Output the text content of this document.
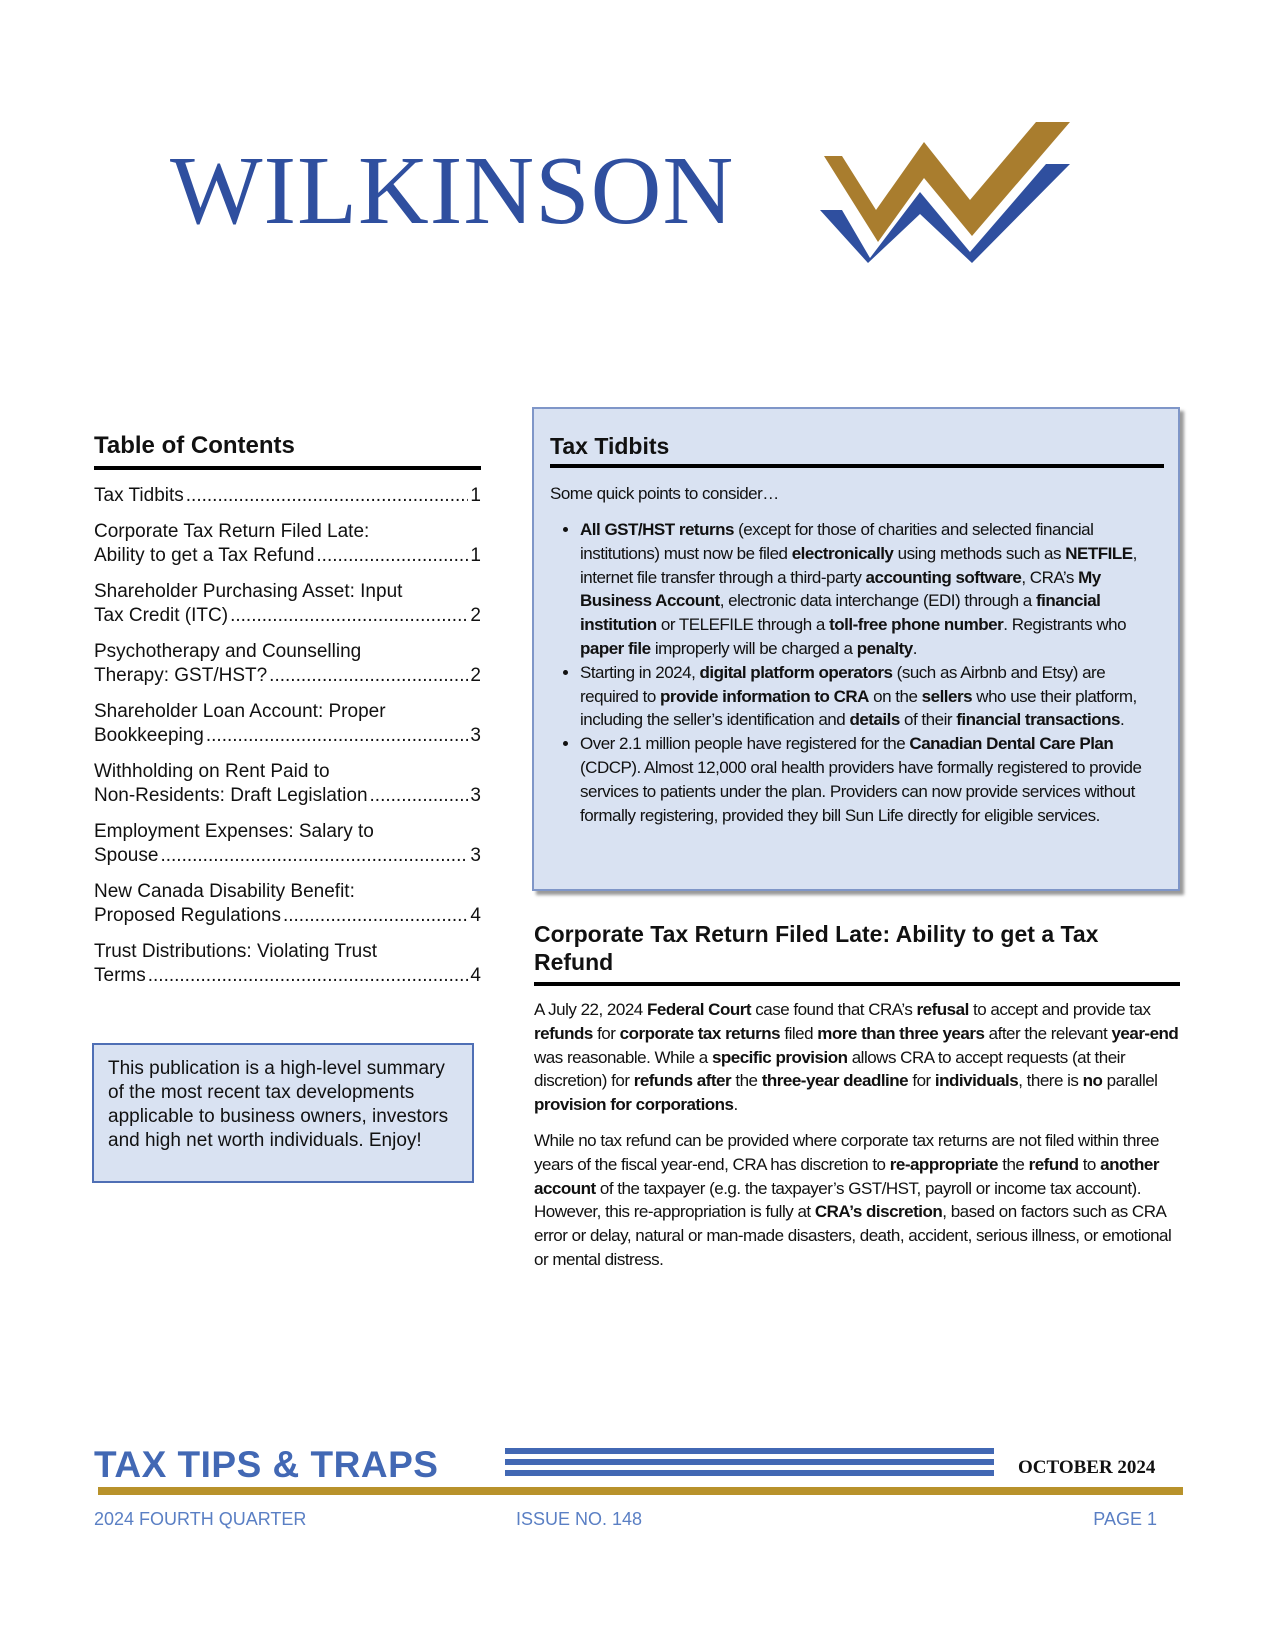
WILKINSON
Table of Contents
Tax Tidbits .....	1
Corporate Tax Return Filed Late:
Ability to get a Tax Refund .....	1
Shareholder Purchasing Asset: Input
Tax Credit (ITC) .....	2
Psychotherapy and Counselling
Therapy: GST/HST? .....	2
Shareholder Loan Account: Proper
Bookkeeping .....	3
Withholding on Rent Paid to
Non-Residents: Draft Legislation .....	3
Employment Expenses: Salary to
Spouse .....	3
New Canada Disability Benefit:
Proposed Regulations .....	4
Trust Distributions: Violating Trust
Terms .....	4
This publication is a high-level summary of the most recent tax developments applicable to business owners, investors and high net worth individuals. Enjoy!
Tax Tidbits
Some quick points to consider…
• All GST/HST returns (except for those of charities and selected financial institutions) must now be filed electronically using methods such as NETFILE, internet file transfer through a third-party accounting software, CRA’s My Business Account, electronic data interchange (EDI) through a financial institution or TELEFILE through a toll-free phone number. Registrants who paper file improperly will be charged a penalty.
• Starting in 2024, digital platform operators (such as Airbnb and Etsy) are required to provide information to CRA on the sellers who use their platform, including the seller’s identification and details of their financial transactions.
• Over 2.1 million people have registered for the Canadian Dental Care Plan (CDCP). Almost 12,000 oral health providers have formally registered to provide services to patients under the plan. Providers can now provide services without formally registering, provided they bill Sun Life directly for eligible services.
Corporate Tax Return Filed Late: Ability to get a Tax Refund

A July 22, 2024 Federal Court case found that CRA’s refusal to accept and provide tax refunds for corporate tax returns filed more than three years after the relevant year-end was reasonable. While a specific provision allows CRA to accept requests (at their discretion) for refunds after the three-year deadline for individuals, there is no parallel provision for corporations.

While no tax refund can be provided where corporate tax returns are not filed within three years of the fiscal year-end, CRA has discretion to re-appropriate the refund to another account of the taxpayer (e.g. the taxpayer’s GST/HST, payroll or income tax account). However, this re-appropriation is fully at CRA’s discretion, based on factors such as CRA error or delay, natural or man-made disasters, death, accident, serious illness, or emotional or mental distress.

TAX TIPS & TRAPS	OCTOBER 2024
2024 FOURTH QUARTER	ISSUE NO. 148	PAGE 1
